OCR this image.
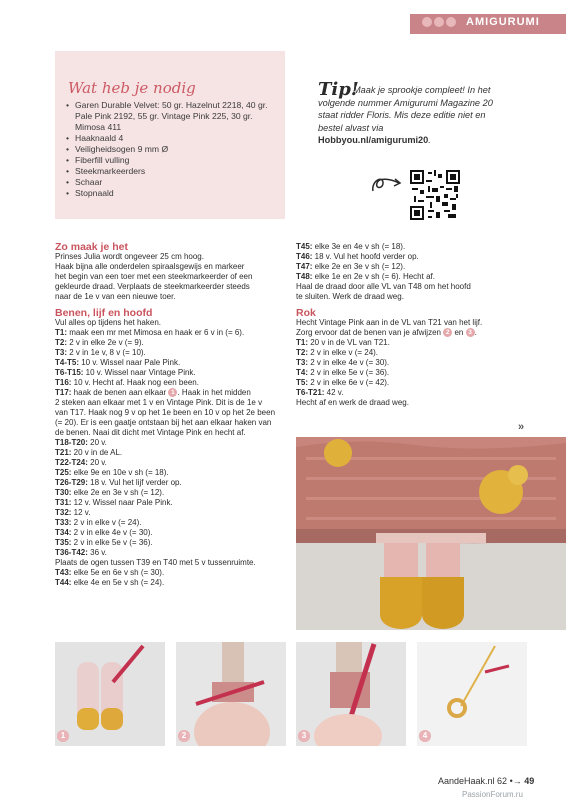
AMIGURUMI
Wat heb je nodig
• Garen Durable Velvet: 50 gr. Hazelnut 2218, 40 gr. Pale Pink 2192, 55 gr. Vintage Pink 225, 30 gr. Mimosa 411
• Haaknaald 4
• Veiligheidsogen 9 mm Ø
• Fiberfill vulling
• Steekmarkeerders
• Schaar
• Stopnaald
Tip!
Maak je sprookje compleet! In het volgende nummer Amigurumi Magazine 20 staat ridder Floris. Mis deze editie niet en bestel alvast via Hobbyou.nl/amigurumi20.
Zo maak je het
Prinses Julia wordt ongeveer 25 cm hoog.
Haak bijna alle onderdelen spiraalsgewijs en markeer
het begin van een toer met een steekmarkeerder of een
gekleurde draad. Verplaats de steekmarkeerder steeds
naar de 1e v van een nieuwe toer.
Benen, lijf en hoofd
Vul alles op tijdens het haken.
T1: maak een mr met Mimosa en haak er 6 v in (= 6).
T2: 2 v in elke 2e v (= 9).
T3: 2 v in 1e v, 8 v (= 10).
T4-T5: 10 v. Wissel naar Pale Pink.
T6-T15: 10 v. Wissel naar Vintage Pink.
T16: 10 v. Hecht af. Haak nog een been.
T17: haak de benen aan elkaar 1 . Haak in het midden
2 steken aan elkaar met 1 v en Vintage Pink. Dit is de 1e v
van T17. Haak nog 9 v op het 1e been en 10 v op het 2e been
(= 20). Er is een gaatje ontstaan bij het aan elkaar haken van
de benen. Naai dit dicht met Vintage Pink en hecht af.
T18-T20: 20 v.
T21: 20 v in de AL.
T22-T24: 20 v.
T25: elke 9e en 10e v sh (= 18).
T26-T29: 18 v. Vul het lijf verder op.
T30: elke 2e en 3e v sh (= 12).
T31: 12 v. Wissel naar Pale Pink.
T32: 12 v.
T33: 2 v in elke v (= 24).
T34: 2 v in elke 4e v (= 30).
T35: 2 v in elke 5e v (= 36).
T36-T42: 36 v.
Plaats de ogen tussen T39 en T40 met 5 v tussenruimte.
T43: elke 5e en 6e v sh (= 30).
T44: elke 4e en 5e v sh (= 24).
T45: elke 3e en 4e v sh (= 18).
T46: 18 v. Vul het hoofd verder op.
T47: elke 2e en 3e v sh (= 12).
T48: elke 1e en 2e v sh (= 6). Hecht af.
Haal de draad door alle VL van T48 om het hoofd
te sluiten. Werk de draad weg.
Rok
Hecht Vintage Pink aan in de VL van T21 van het lijf.
Zorg ervoor dat de benen van je afwijzen 2 en 3 .
T1: 20 v in de VL van T21.
T2: 2 v in elke v (= 24).
T3: 2 v in elke 4e v (= 30).
T4: 2 v in elke 5e v (= 36).
T5: 2 v in elke 6e v (= 42).
T6-T21: 42 v.
Hecht af en werk de draad weg.
»
1	2	3	4
AandeHaak.nl 62 •→ 49
PassionForum.ru
